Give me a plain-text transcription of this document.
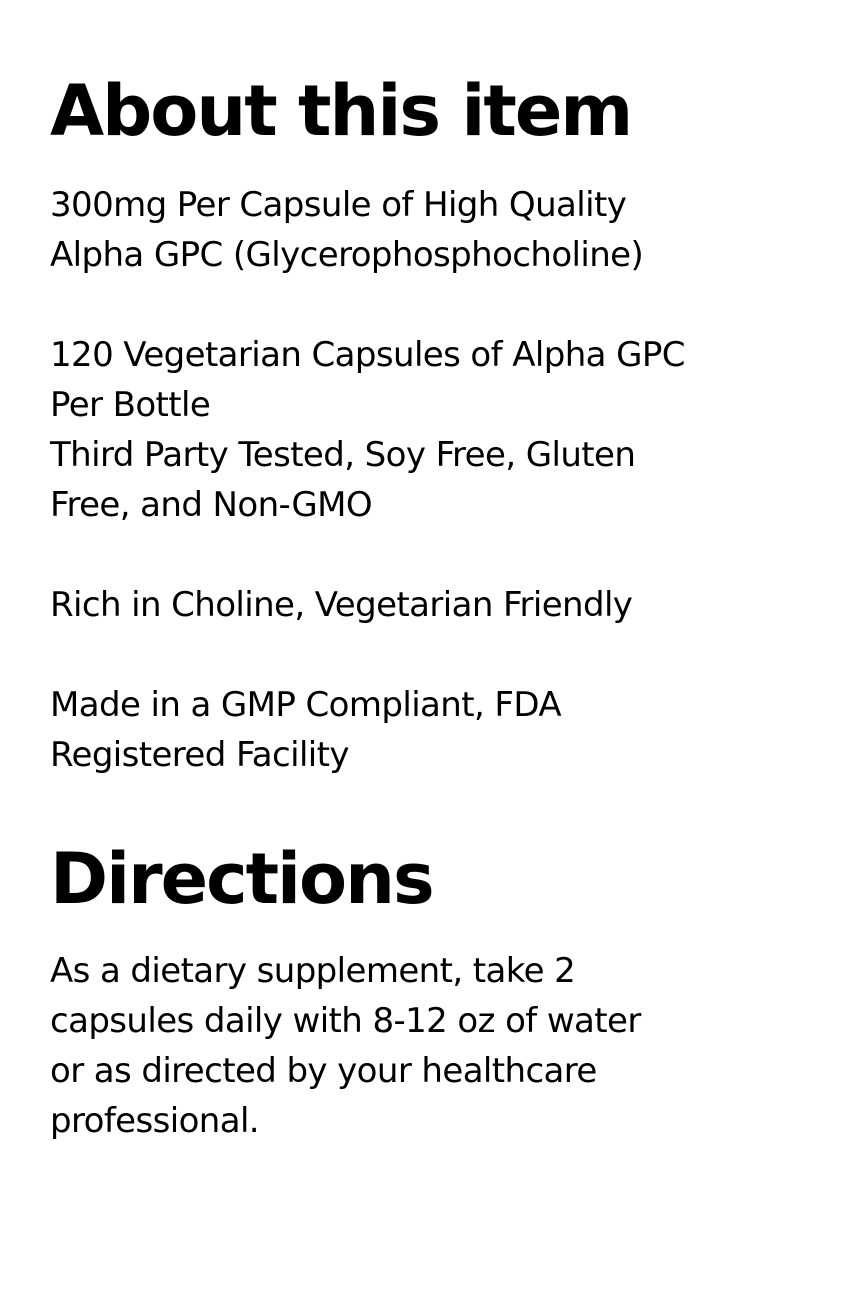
About this item
300mg Per Capsule of High Quality
Alpha GPC (Glycerophosphocholine)
120 Vegetarian Capsules of Alpha GPC
Per Bottle
Third Party Tested, Soy Free, Gluten
Free, and Non-GMO
Rich in Choline, Vegetarian Friendly
Made in a GMP Compliant, FDA
Registered Facility
Directions
As a dietary supplement, take 2
capsules daily with 8-12 oz of water
or as directed by your healthcare
professional.
